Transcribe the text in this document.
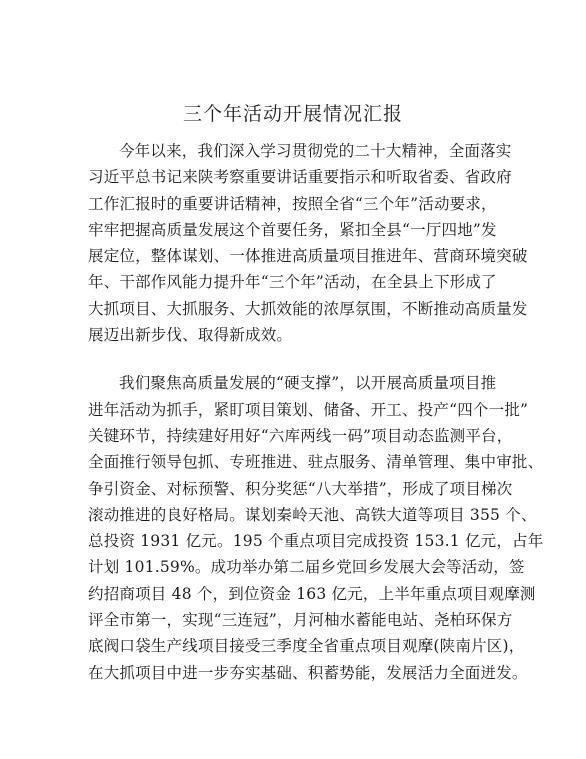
三个年活动开展情况汇报
今年以来，我们深入学习贯彻党的二十大精神，全面落实
习近平总书记来陕考察重要讲话重要指示和听取省委、省政府
工作汇报时的重要讲话精神，按照全省“三个年”活动要求，
牢牢把握高质量发展这个首要任务，紧扣全县“一厅四地”发
展定位，整体谋划、一体推进高质量项目推进年、营商环境突破
年、干部作风能力提升年“三个年”活动，在全县上下形成了
大抓项目、大抓服务、大抓效能的浓厚氛围，不断推动高质量发
展迈出新步伐、取得新成效。
我们聚焦高质量发展的“硬支撑”，以开展高质量项目推
进年活动为抓手，紧盯项目策划、储备、开工、投产“四个一批”
关键环节，持续建好用好“六库两线一码”项目动态监测平台，
全面推行领导包抓、专班推进、驻点服务、清单管理、集中审批、
争引资金、对标预警、积分奖惩“八大举措”，形成了项目梯次
滚动推进的良好格局。谋划秦岭天池、高铁大道等项目 355 个、
总投资 1931 亿元。195 个重点项目完成投资 153.1 亿元，占年
计划 101.59%。成功举办第二届乡党回乡发展大会等活动，签
约招商项目 48 个，到位资金 163 亿元，上半年重点项目观摩测
评全市第一，实现“三连冠”，月河柚水蓄能电站、尧柏环保方
底阀口袋生产线项目接受三季度全省重点项目观摩(陕南片区)，
在大抓项目中进一步夯实基础、积蓄势能，发展活力全面迸发。
